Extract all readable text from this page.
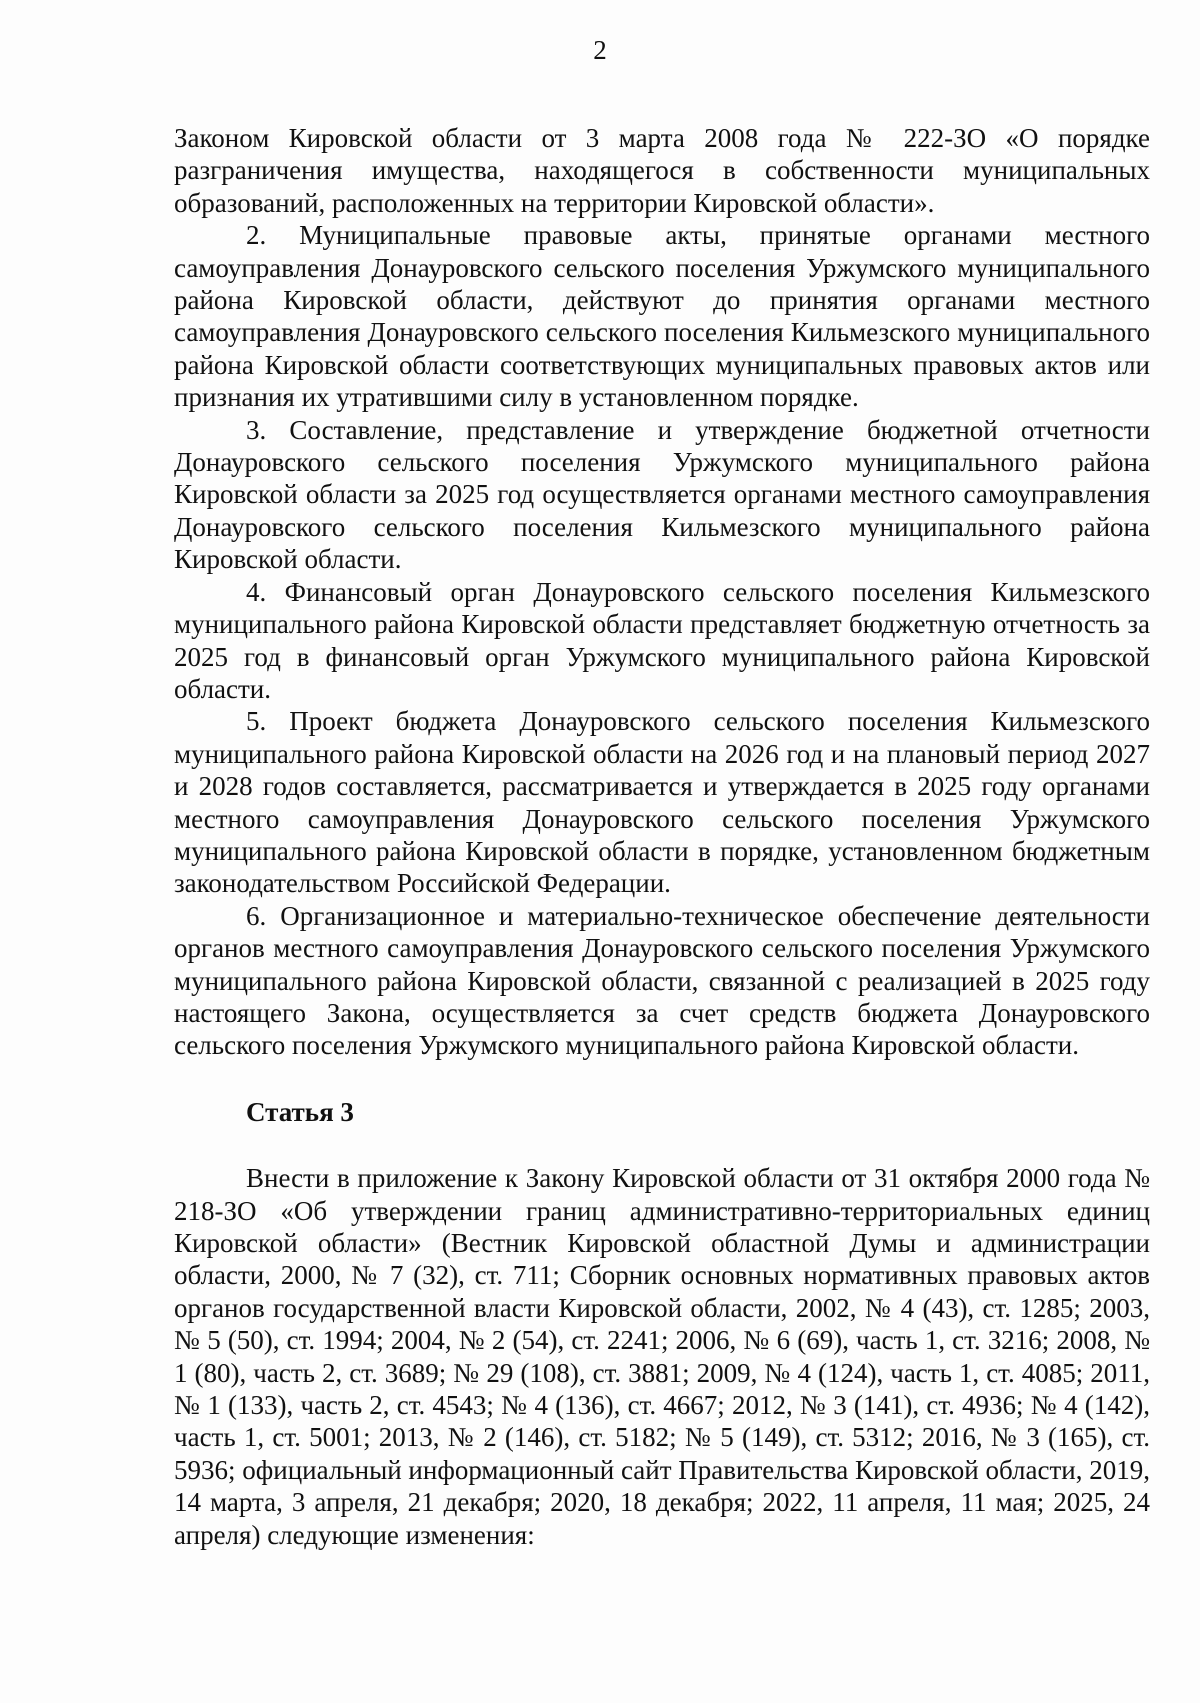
2

Законом Кировской области от 3 марта 2008 года № 222-ЗО «О порядке разграничения имущества, находящегося в собственности муниципальных образований, расположенных на территории Кировской области».

2. Муниципальные правовые акты, принятые органами местного самоуправления Донауровского сельского поселения Уржумского муниципального района Кировской области, действуют до принятия органами местного самоуправления Донауровского сельского поселения Кильмезского муниципального района Кировской области соответствующих муниципальных правовых актов или признания их утратившими силу в установленном порядке.

3. Составление, представление и утверждение бюджетной отчетности Донауровского сельского поселения Уржумского муниципального района Кировской области за 2025 год осуществляется органами местного самоуправления Донауровского сельского поселения Кильмезского муниципального района Кировской области.

4. Финансовый орган Донауровского сельского поселения Кильмезского муниципального района Кировской области представляет бюджетную отчетность за 2025 год в финансовый орган Уржумского муниципального района Кировской области.

5. Проект бюджета Донауровского сельского поселения Кильмезского муниципального района Кировской области на 2026 год и на плановый период 2027 и 2028 годов составляется, рассматривается и утверждается в 2025 году органами местного самоуправления Донауровского сельского поселения Уржумского муниципального района Кировской области в порядке, установленном бюджетным законодательством Российской Федерации.

6. Организационное и материально-техническое обеспечение деятельности органов местного самоуправления Донауровского сельского поселения Уржумского муниципального района Кировской области, связанной с реализацией в 2025 году настоящего Закона, осуществляется за счет средств бюджета Донауровского сельского поселения Уржумского муниципального района Кировской области.

Статья 3

Внести в приложение к Закону Кировской области от 31 октября 2000 года № 218-ЗО «Об утверждении границ административно-территориальных единиц Кировской области» (Вестник Кировской областной Думы и администрации области, 2000, № 7 (32), ст. 711; Сборник основных нормативных правовых актов органов государственной власти Кировской области, 2002, № 4 (43), ст. 1285; 2003, № 5 (50), ст. 1994; 2004, № 2 (54), ст. 2241; 2006, № 6 (69), часть 1, ст. 3216; 2008, № 1 (80), часть 2, ст. 3689; № 29 (108), ст. 3881; 2009, № 4 (124), часть 1, ст. 4085; 2011, № 1 (133), часть 2, ст. 4543; № 4 (136), ст. 4667; 2012, № 3 (141), ст. 4936; № 4 (142), часть 1, ст. 5001; 2013, № 2 (146), ст. 5182; № 5 (149), ст. 5312; 2016, № 3 (165), ст. 5936; официальный информационный сайт Правительства Кировской области, 2019, 14 марта, 3 апреля, 21 декабря; 2020, 18 декабря; 2022, 11 апреля, 11 мая; 2025, 24 апреля) следующие изменения:
